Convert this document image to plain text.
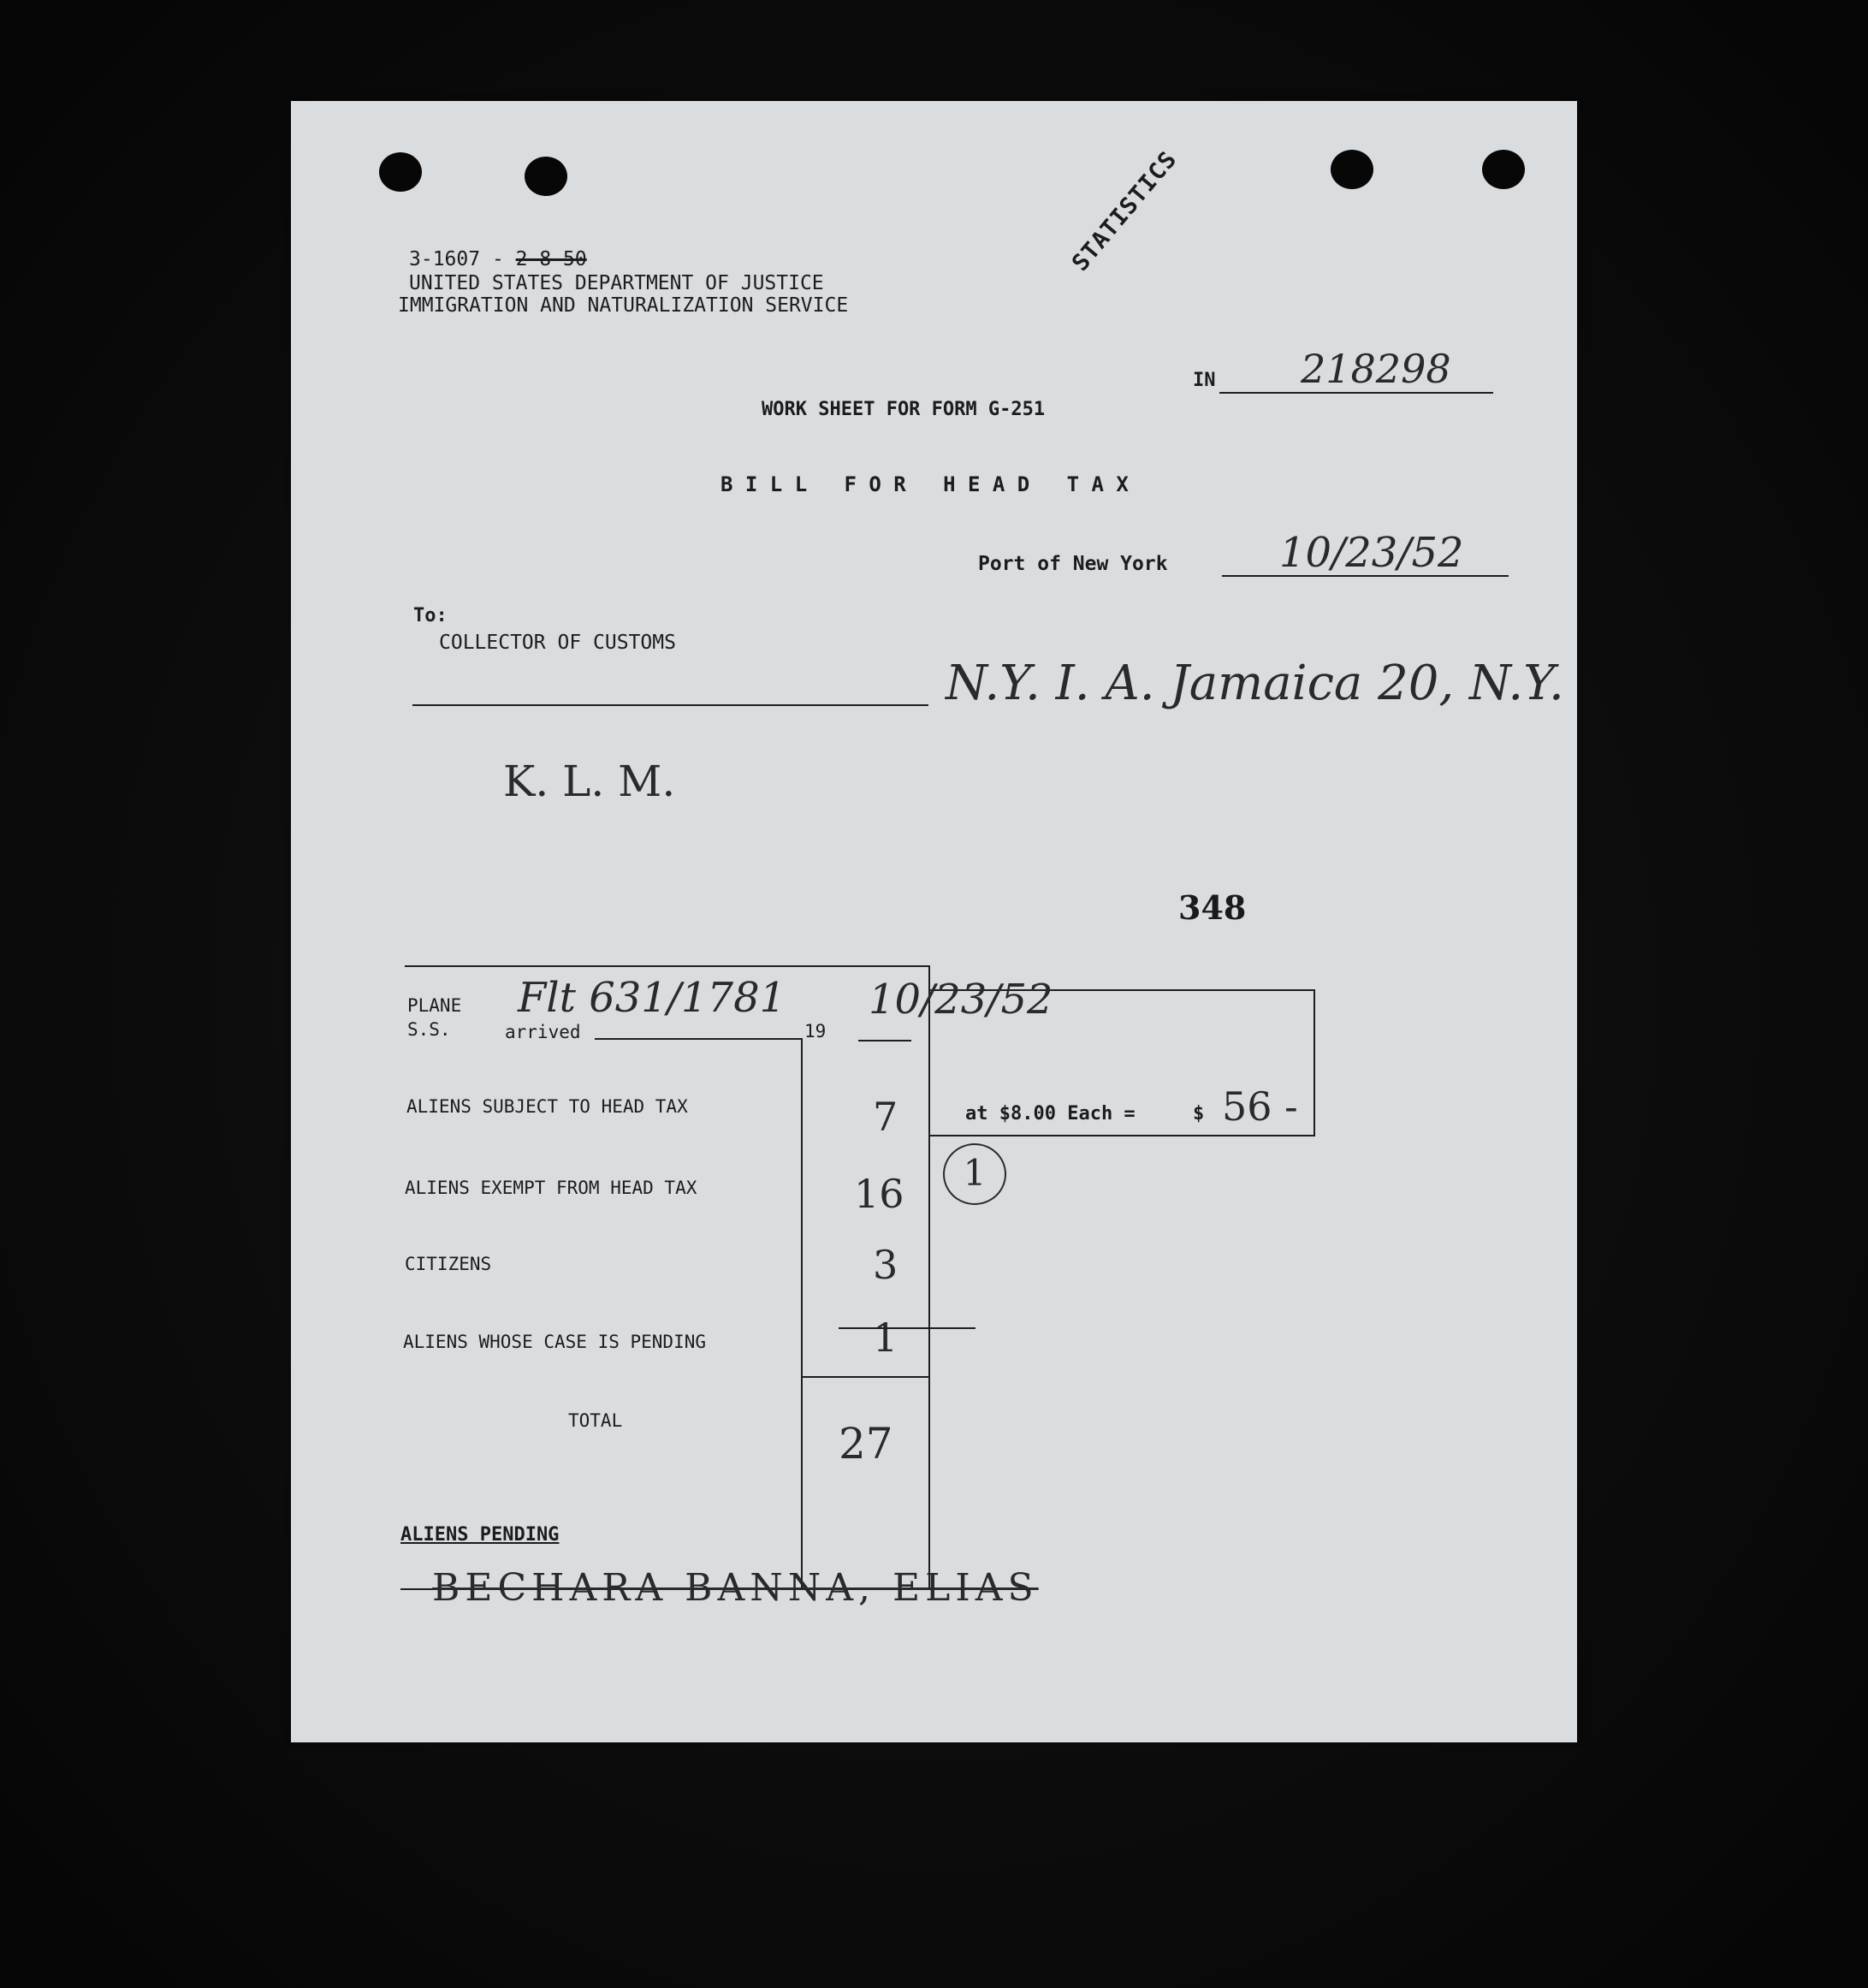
STATISTICS
3-1607 - 2-8-50
UNITED STATES DEPARTMENT OF JUSTICE
IMMIGRATION AND NATURALIZATION SERVICE
IN 218298
WORK SHEET FOR FORM G-251
B I L L   F O R   H E A D   T A X
Port of New York	10/23/52
To:
COLLECTOR OF CUSTOMS
N.Y. I. A. Jamaica 20, N.Y.
K. L. M.
348
PLANE
S.S.	arrived	19
Flt 631/1781 10/23/52
ALIENS SUBJECT TO HEAD TAX	7
ALIENS EXEMPT FROM HEAD TAX	16
CITIZENS	3
ALIENS WHOSE CASE IS PENDING	1
TOTAL	27
at $8.00 Each =	$ 56 -
1
ALIENS PENDING
BECHARA BANNA, ELIAS
